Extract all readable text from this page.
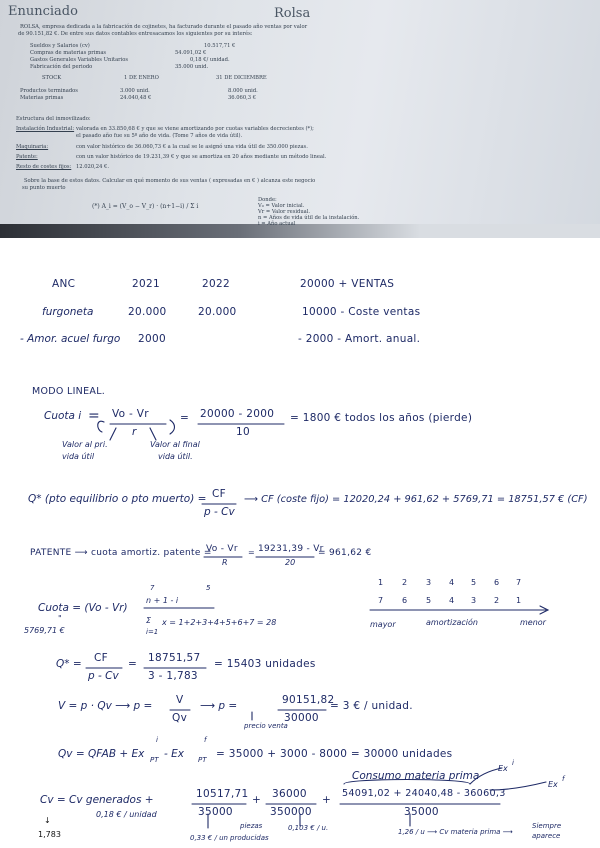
Enunciado	Rolsa
ROLSA, empresa dedicada a la fabricación de cojinetes, ha facturado durante el pasado año ventas por valor
de 90.151,82 €. De entre sus datos contables entresacamos los siguientes por su interés:
Sueldos y Salarios (cv)	10.517,71 €
Compras de materias primas	54.091,02 €
Gastos Generales Variables Unitarios	0,18 €/ unidad.
Fabricación del periodo	35.000 unid.
STOCK	1 DE ENERO	31 DE DICIEMBRE
Productos terminados	3.000 unid.	8.000 unid.
Materias primas	24.040,48 €	36.060,3 €
Estructura del inmovilizado:
Instalación Industrial: valorada en 33.850,68 € y que se viene amortizando por cuotas variables decrecientes (*);
el pasado año fue su 5º año de vida. (Tome 7 años de vida útil).
Maquinaria:	con valor histórico de 36.060,73 € a la cual se le asignó una vida útil de 350.000 piezas.
Patente:	con un valor histórico de 19.231,39 € y que se amortiza en 20 años mediante un método lineal.
Resto de costes fijos: 12.020,24 €.
Sobre la base de estos datos. Calcular en qué momento de sus ventas ( expresadas en € ) alcanza este negocio
su punto muerto
(*) A_i = (V_o − V_r) · (n+1−i) / Σ i
Donde:
V₀ = Valor inicial.
Vr = Valor residual.
n = Años de vida útil de la instalación.
i = Año actual
ANC	2021	2022
furgoneta	20.000	20.000
- Amor. acuel furgo 2000
20000 + VENTAS
10000 - Coste ventas
- 2000 - Amort. anual.
MODO LINEAL.
Cuota i = Vo - Vr
r
= 20000 - 2000
10
= 1800 € todos los años (pierde)
Valor al pri.
vida útil
Valor al final
vida útil.
Q* (pto equilibrio o pto muerto) = CF
p - Cv
⟶ CF (coste fijo) = 12020,24 + 961,62 + 5769,71 = 18751,57 € (CF)
PATENTE ⟶ cuota amortiz. patente =
Vo - Vr
R
= 19231,39 - Vr
20
= 961,62 €
Cuota = (Vo - Vr)
"
5769,71 €
7	5
n + 1 - i
Σ
i=1
x = 1+2+3+4+5+6+7 = 28
1 2 3 4 5 6 7
7 6 5 4 3 2 1
mayor	amortización	menor
Q* = CF
p - Cv
= 18751,57
3 - 1,783
= 15403 unidades
V = p · Qv ⟶ p = V
Qv
⟶ p =	90151,82
30000
= 3 € / unidad.
precio venta
Qv = QFAB + Ex
i
PT - Ex
f
PT = 35000 + 3000 - 8000 = 30000 unidades
Cv = Cv generados +	10517,71
35000
+ 36000
350000
+
54091,02 + 24040,48 - 36060,3
35000
Consumo materia prima
Ex
i
Ex
f
↓
1,783
0,18 € / unidad
piezas
0,33 € / un producidas
0,103 € / u.	1,26 / u ⟶ Cv materia prima ⟶
Siempre
aparece
